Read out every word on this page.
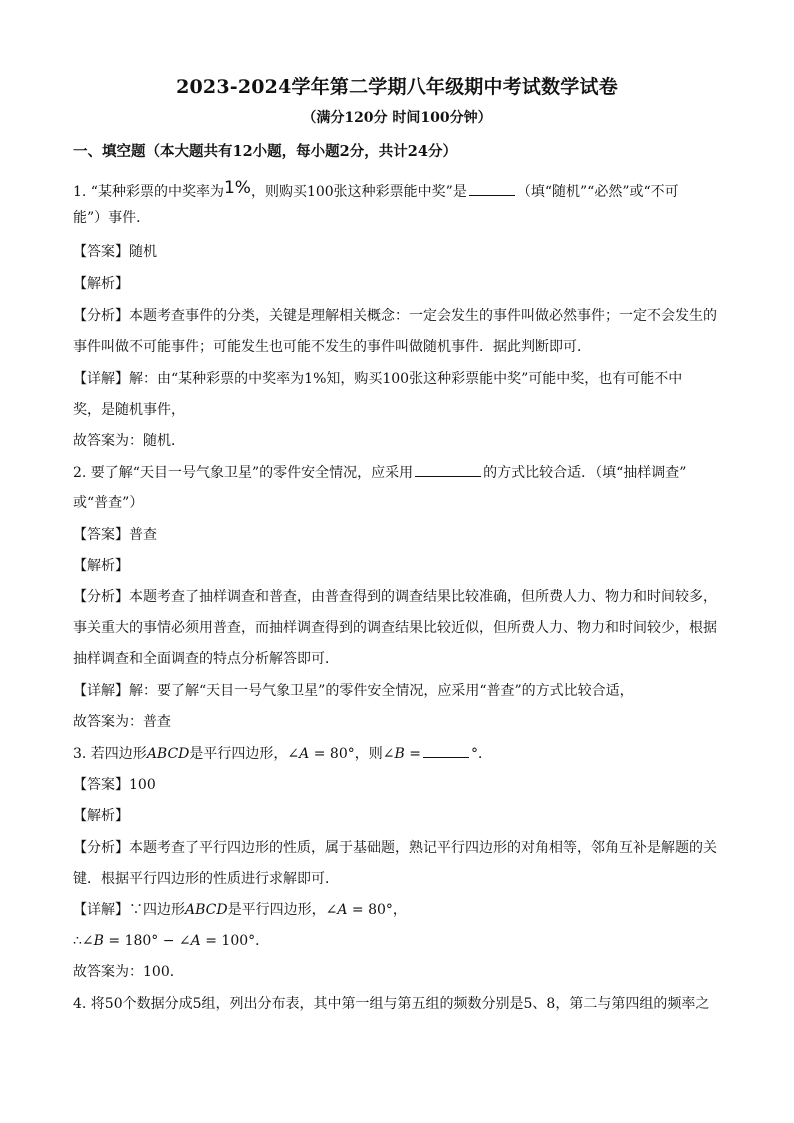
2023-2024学年第二学期八年级期中考试数学试卷
（满分120分 时间100分钟）
一、填空题（本大题共有12小题，每小题2分，共计24分）
1. “某种彩票的中奖率为1%，则购买100张这种彩票能中奖”是	（填“随机”“必然”或“不可
能”）事件．
【答案】随机
【解析】
【分析】本题考查事件的分类，关键是理解相关概念：一定会发生的事件叫做必然事件；一定不会发生的
事件叫做不可能事件；可能发生也可能不发生的事件叫做随机事件．据此判断即可．
【详解】解：由“某种彩票的中奖率为1%知，购买100张这种彩票能中奖”可能中奖，也有可能不中
奖，是随机事件，
故答案为：随机．
2. 要了解“天目一号气象卫星”的零件安全情况，应采用	的方式比较合适．（填“抽样调查”
或“普查”）
【答案】普查
【解析】
【分析】本题考查了抽样调查和普查，由普查得到的调查结果比较准确，但所费人力、物力和时间较多，
事关重大的事情必须用普查，而抽样调查得到的调查结果比较近似，但所费人力、物力和时间较少，根据
抽样调查和全面调查的特点分析解答即可．
【详解】解：要了解“天目一号气象卫星”的零件安全情况，应采用“普查”的方式比较合适，
故答案为：普查
3. 若四边形ABCD是平行四边形，∠A = 80°，则∠B =	°．
【答案】100
【解析】
【分析】本题考查了平行四边形的性质，属于基础题，熟记平行四边形的对角相等，邻角互补是解题的关
键．根据平行四边形的性质进行求解即可．
【详解】∵四边形ABCD是平行四边形，∠A = 80°，
∴∠B = 180° − ∠A = 100°．
故答案为：100．
4. 将50个数据分成5组，列出分布表，其中第一组与第五组的频数分别是5、8，第二与第四组的频率之
